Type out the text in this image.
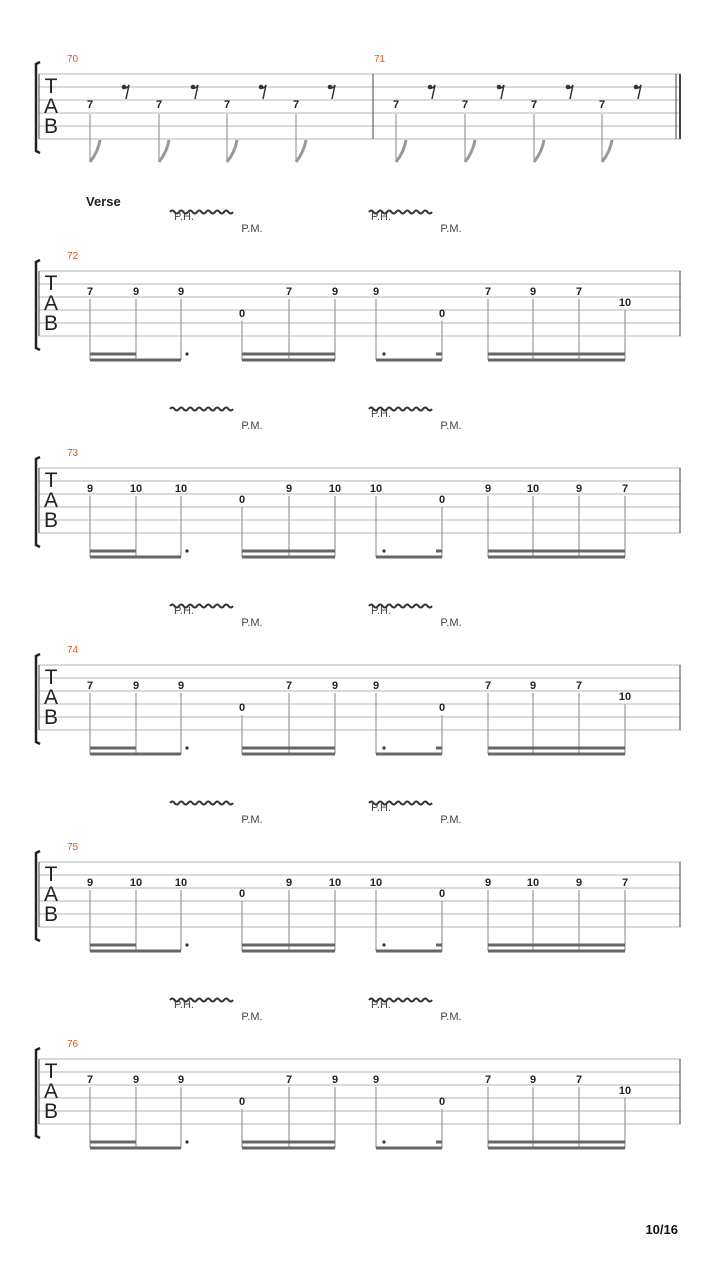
T
A
B
70	71
7	7	7	7	7	7	7	7
Verse
P.H.
P.M.
P.H.
P.M.
T
A
B
72
7	9	9
0
7	9	9
0
7	9	7
10
P.M.
P.H.
P.M.
T
A
B
73
9	10	10
0
9	10	10
0
9	10	9	7
P.H.
P.M.
P.H.
P.M.
T
A
B
74
7	9	9
0
7	9	9
0
7	9	7
10
P.M.
P.H.
P.M.
T
A
B
75
9	10	10
0
9	10	10
0
9	10	9	7
P.H.
P.M.
P.H.
P.M.
T
A
B
76
7	9	9
0
7	9	9
0
7	9	7
10
10/16
